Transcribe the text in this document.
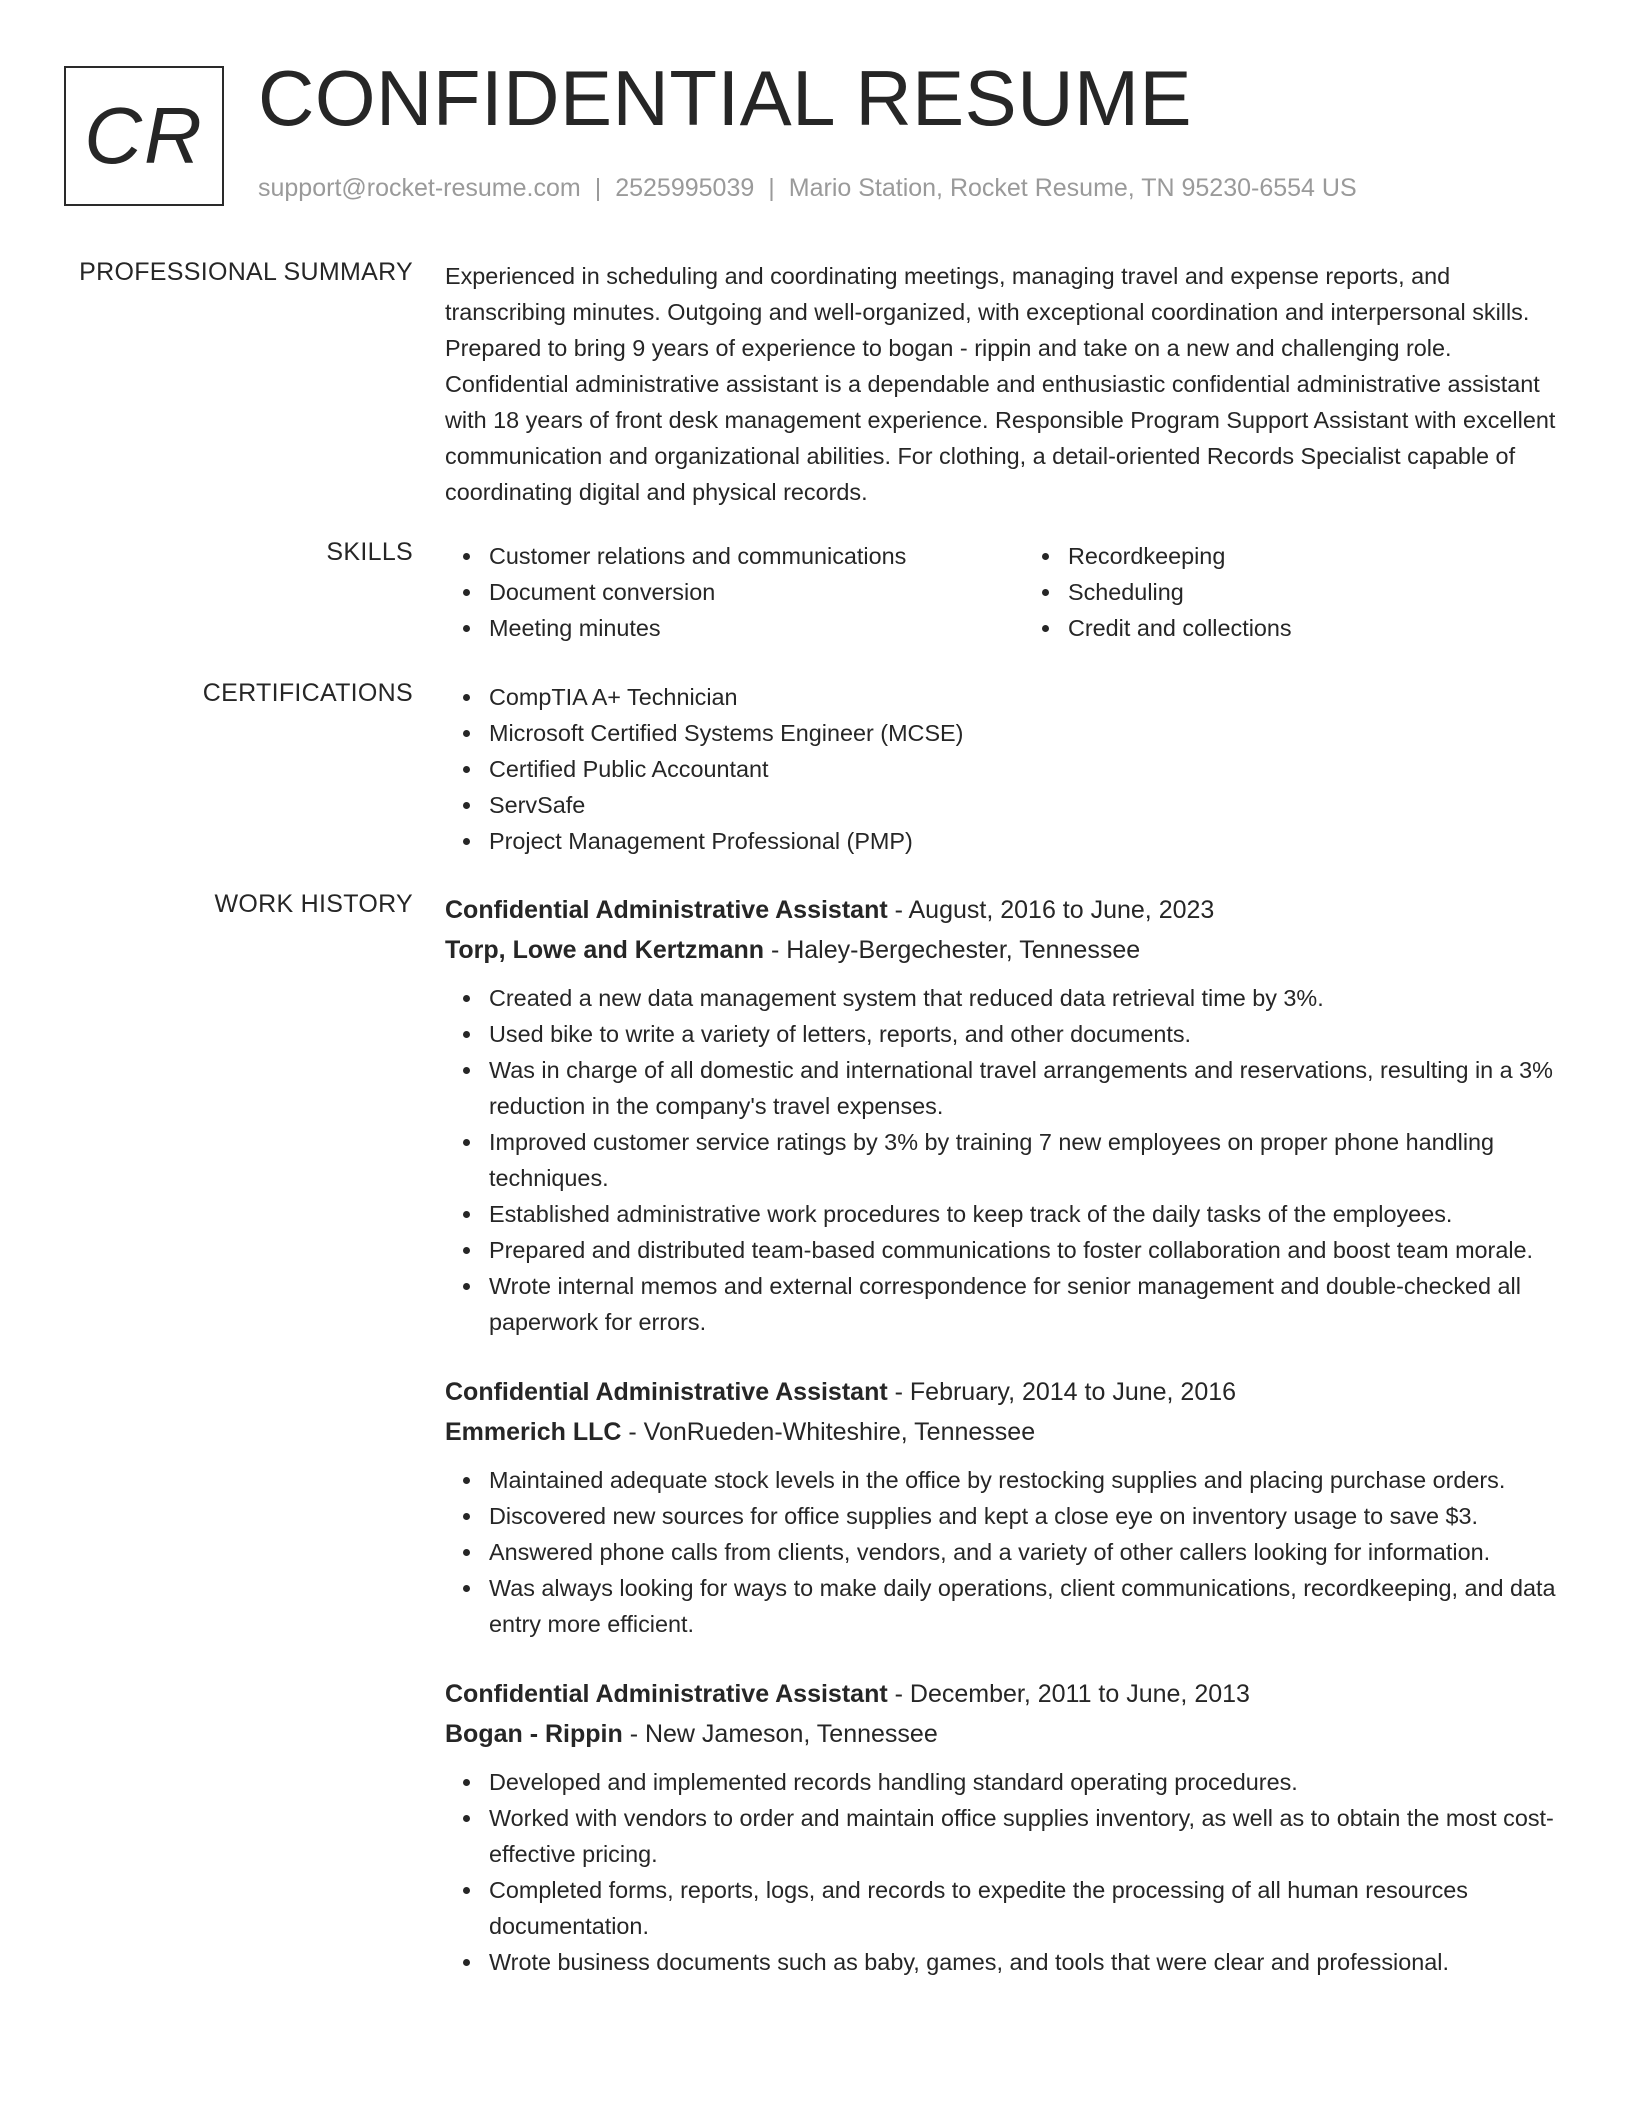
CR CONFIDENTIAL RESUME
support@rocket-resume.com | 2525995039 | Mario Station, Rocket Resume, TN 95230-6554 US
PROFESSIONAL SUMMARY Experienced in scheduling and coordinating meetings, managing travel and expense reports, and transcribing minutes. Outgoing and well-organized, with exceptional coordination and interpersonal skills. Prepared to bring 9 years of experience to bogan - rippin and take on a new and challenging role. Confidential administrative assistant is a dependable and enthusiastic confidential administrative assistant with 18 years of front desk management experience. Responsible Program Support Assistant with excellent communication and organizational abilities. For clothing, a detail-oriented Records Specialist capable of coordinating digital and physical records.

SKILLS	Customer relations and communications
Document conversion
Meeting minutes
Recordkeeping
Scheduling
Credit and collections
CERTIFICATIONS	CompTIA A+ Technician
Microsoft Certified Systems Engineer (MCSE)
Certified Public Accountant
ServSafe
Project Management Professional (PMP)
WORK HISTORY Confidential Administrative Assistant - August, 2016 to June, 2023
Torp, Lowe and Kertzmann - Haley-Bergechester, Tennessee
Created a new data management system that reduced data retrieval time by 3%.
Used bike to write a variety of letters, reports, and other documents.
Was in charge of all domestic and international travel arrangements and reservations, resulting in a 3% reduction in the company's travel expenses.
Improved customer service ratings by 3% by training 7 new employees on proper phone handling techniques.
Established administrative work procedures to keep track of the daily tasks of the employees.
Prepared and distributed team-based communications to foster collaboration and boost team morale.
Wrote internal memos and external correspondence for senior management and double-checked all paperwork for errors.
Confidential Administrative Assistant - February, 2014 to June, 2016
Emmerich LLC - VonRueden-Whiteshire, Tennessee
Maintained adequate stock levels in the office by restocking supplies and placing purchase orders.
Discovered new sources for office supplies and kept a close eye on inventory usage to save $3.
Answered phone calls from clients, vendors, and a variety of other callers looking for information.
Was always looking for ways to make daily operations, client communications, recordkeeping, and data entry more efficient.
Confidential Administrative Assistant - December, 2011 to June, 2013
Bogan - Rippin - New Jameson, Tennessee
Developed and implemented records handling standard operating procedures.
Worked with vendors to order and maintain office supplies inventory, as well as to obtain the most cost-effective pricing.
Completed forms, reports, logs, and records to expedite the processing of all human resources documentation.
Wrote business documents such as baby, games, and tools that were clear and professional.
